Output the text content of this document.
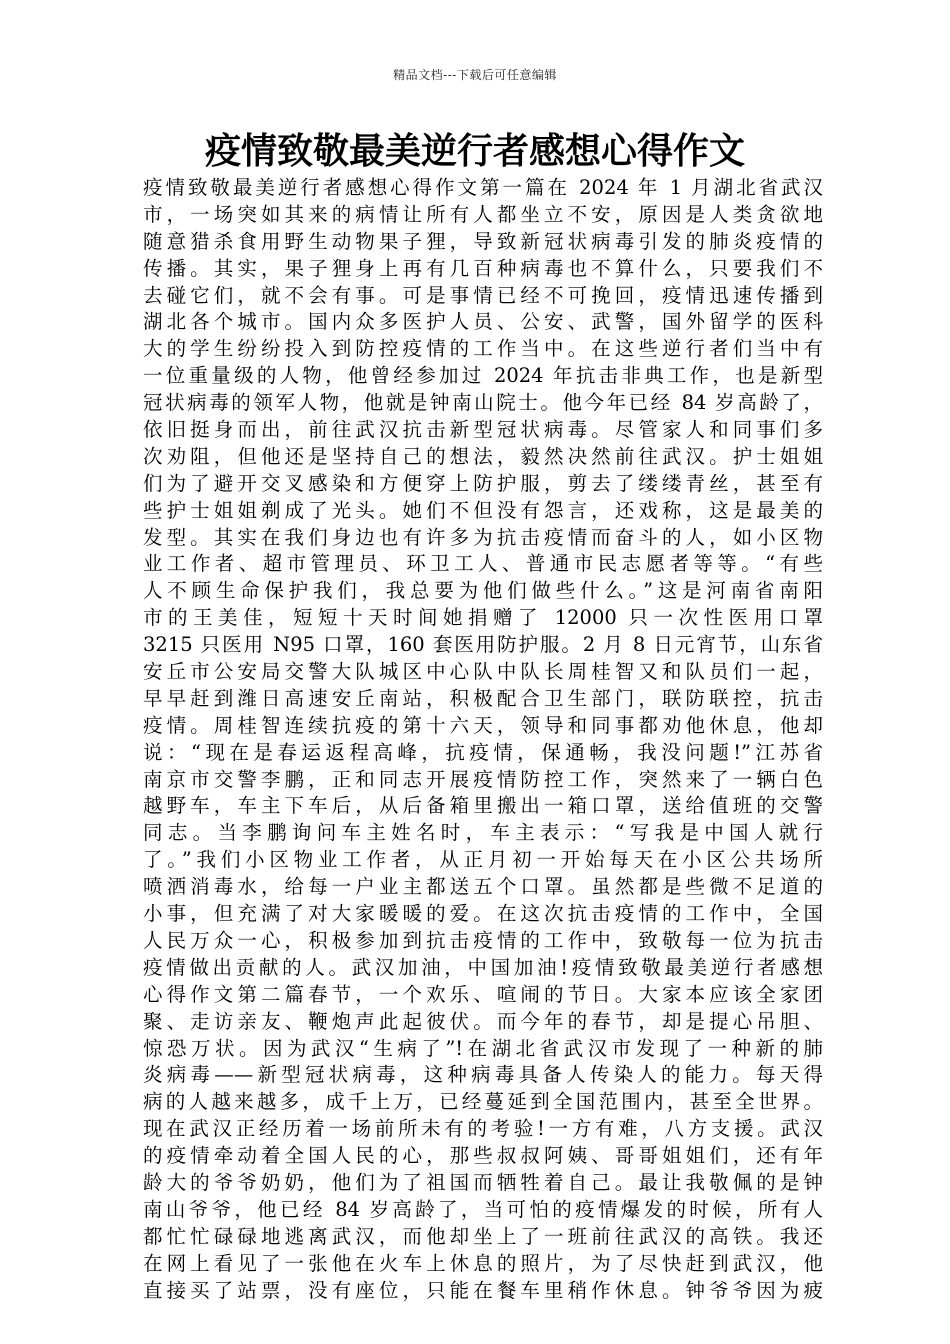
精品文档---下载后可任意编辑
疫情致敬最美逆行者感想心得作文
疫情致敬最美逆行者感想心得作文第一篇在 2024 年 1 月湖北省武汉
市，一场突如其来的病情让所有人都坐立不安，原因是人类贪欲地
随意猎杀食用野生动物果子狸，导致新冠状病毒引发的肺炎疫情的
传播。其实，果子狸身上再有几百种病毒也不算什么，只要我们不
去碰它们，就不会有事。可是事情已经不可挽回，疫情迅速传播到
湖北各个城市。国内众多医护人员、公安、武警，国外留学的医科
大的学生纷纷投入到防控疫情的工作当中。在这些逆行者们当中有
一位重量级的人物，他曾经参加过 2024 年抗击非典工作，也是新型
冠状病毒的领军人物，他就是钟南山院士。他今年已经 84 岁高龄了，
依旧挺身而出，前往武汉抗击新型冠状病毒。尽管家人和同事们多
次劝阻，但他还是坚持自己的想法，毅然决然前往武汉。护士姐姐
们为了避开交叉感染和方便穿上防护服，剪去了缕缕青丝，甚至有
些护士姐姐剃成了光头。她们不但没有怨言，还戏称，这是最美的
发型。其实在我们身边也有许多为抗击疫情而奋斗的人，如小区物
业工作者、超市管理员、环卫工人、普通市民志愿者等等。“有些
人不顾生命保护我们，我总要为他们做些什么。”这是河南省南阳
市的王美佳，短短十天时间她捐赠了 12000 只一次性医用口罩
3215 只医用 N95 口罩，160 套医用防护服。2 月 8 日元宵节，山东省
安丘市公安局交警大队城区中心队中队长周桂智又和队员们一起，
早早赶到潍日高速安丘南站，积极配合卫生部门，联防联控，抗击
疫情。周桂智连续抗疫的第十六天，领导和同事都劝他休息，他却
说：“现在是春运返程高峰，抗疫情，保通畅，我没问题!”江苏省
南京市交警李鹏，正和同志开展疫情防控工作，突然来了一辆白色
越野车，车主下车后，从后备箱里搬出一箱口罩，送给值班的交警
同志。当李鹏询问车主姓名时，车主表示：“写我是中国人就行
了。”我们小区物业工作者，从正月初一开始每天在小区公共场所
喷洒消毒水，给每一户业主都送五个口罩。虽然都是些微不足道的
小事，但充满了对大家暖暖的爱。在这次抗击疫情的工作中，全国
人民万众一心，积极参加到抗击疫情的工作中，致敬每一位为抗击
疫情做出贡献的人。武汉加油，中国加油!疫情致敬最美逆行者感想
心得作文第二篇春节，一个欢乐、喧闹的节日。大家本应该全家团
聚、走访亲友、鞭炮声此起彼伏。而今年的春节，却是提心吊胆、
惊恐万状。因为武汉“生病了”!在湖北省武汉市发现了一种新的肺
炎病毒——新型冠状病毒，这种病毒具备人传染人的能力。每天得
病的人越来越多，成千上万，已经蔓延到全国范围内，甚至全世界。
现在武汉正经历着一场前所未有的考验!一方有难，八方支援。武汉
的疫情牵动着全国人民的心，那些叔叔阿姨、哥哥姐姐们，还有年
龄大的爷爷奶奶，他们为了祖国而牺牲着自己。最让我敬佩的是钟
南山爷爷，他已经 84 岁高龄了，当可怕的疫情爆发的时候，所有人
都忙忙碌碌地逃离武汉，而他却坐上了一班前往武汉的高铁。我还
在网上看见了一张他在火车上休息的照片，为了尽快赶到武汉，他
直接买了站票，没有座位，只能在餐车里稍作休息。钟爷爷因为疲
